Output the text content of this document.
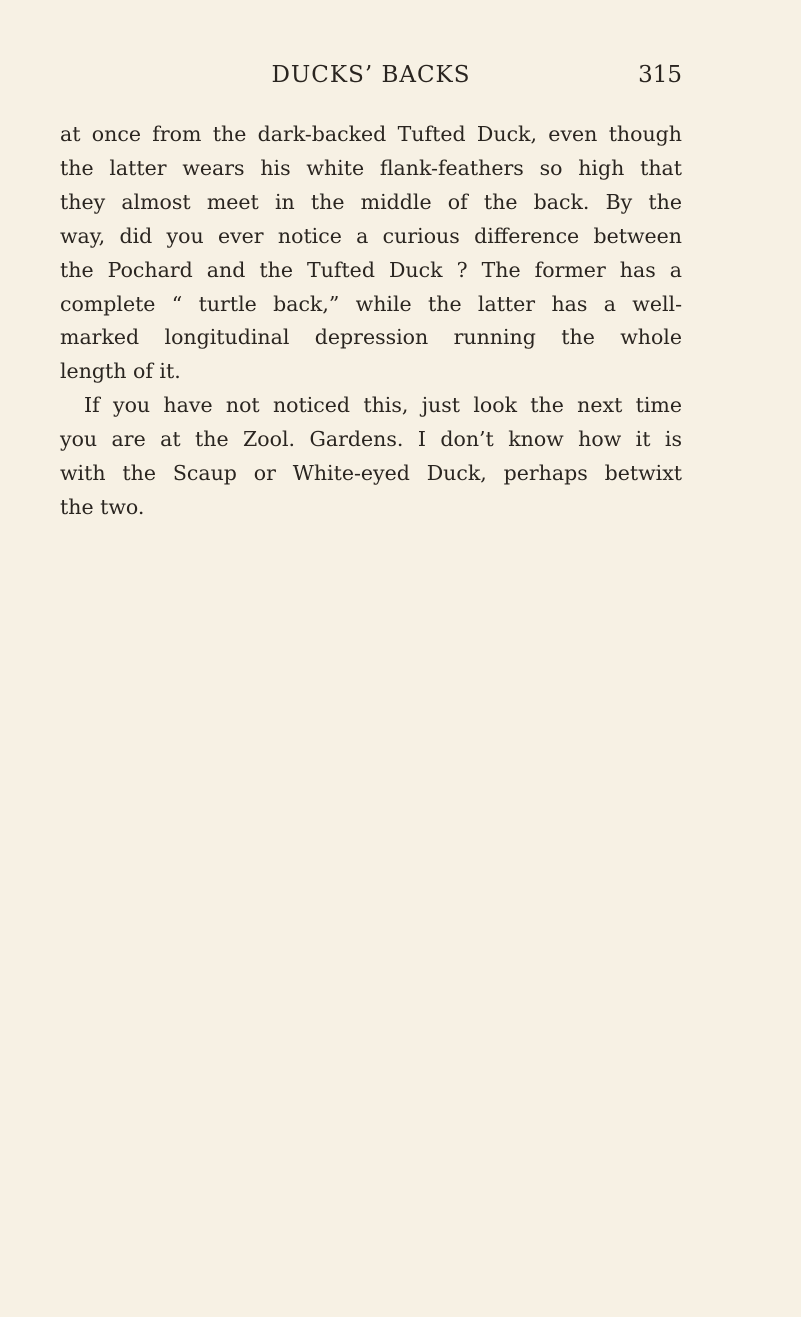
DUCKS’ BACKS	315
at once from the dark-backed Tufted Duck, even though
the latter wears his white flank-feathers so high that
they almost meet in the middle of the back. By the
way, did you ever notice a curious difference between
the Pochard and the Tufted Duck ? The former has a
complete “ turtle back,” while the latter has a well-
marked longitudinal depression running the whole
length of it.
If you have not noticed this, just look the next time
you are at the Zool. Gardens. I don’t know how it is
with the Scaup or White-eyed Duck, perhaps betwixt
the two.
